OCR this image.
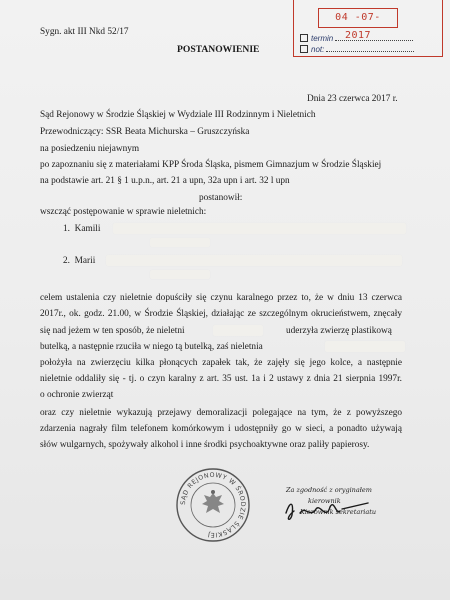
04 -07- 2017
termin
not:
Sygn. akt III Nkd 52/17
POSTANOWIENIE
Dnia 23 czerwca 2017 r.
Sąd Rejonowy w Środzie Śląskiej w Wydziale III Rodzinnym i Nieletnich
Przewodniczący: SSR Beata Michurska – Gruszczyńska
na posiedzeniu niejawnym
po zapoznaniu się z materiałami KPP Środa Śląska, pismem Gimnazjum w Środzie Śląskiej
na podstawie art. 21 § 1 u.p.n., art. 21 a upn, 32a upn i art. 32 l upn
postanowił:
wszcząć postępowanie w sprawie nieletnich:
1. Kamili
2. Marii
celem ustalenia czy nieletnie dopuściły się czynu karalnego przez to, że w dniu 13 czerwca
2017r., ok. godz. 21.00, w Środzie Śląskiej, działając ze szczególnym okrucieństwem, znęcały
się nad jeżem w ten sposób, że nieletni	uderzyła zwierzę plastikową
butelką, a następnie rzuciła w niego tą butelką, zaś nieletnia
położyła na zwierzęciu kilka płonących zapałek tak, że zajęły się jego kolce, a następnie
nieletnie oddaliły się - tj. o czyn karalny z art. 35 ust. 1a i 2 ustawy z dnia 21 sierpnia 1997r.
o ochronie zwierząt
oraz czy nieletnie wykazują przejawy demoralizacji polegające na tym, że z powyższego
zdarzenia nagrały film telefonem komórkowym i udostępniły go w sieci, a ponadto używają
słów wulgarnych, spożywały alkohol i inne środki psychoaktywne oraz paliły papierosy.
SĄD REJONOWY W ŚRODZIE ŚLĄSKIEJ
Za zgodność z oryginałem
kierownik
Kierownik sekretariatu
